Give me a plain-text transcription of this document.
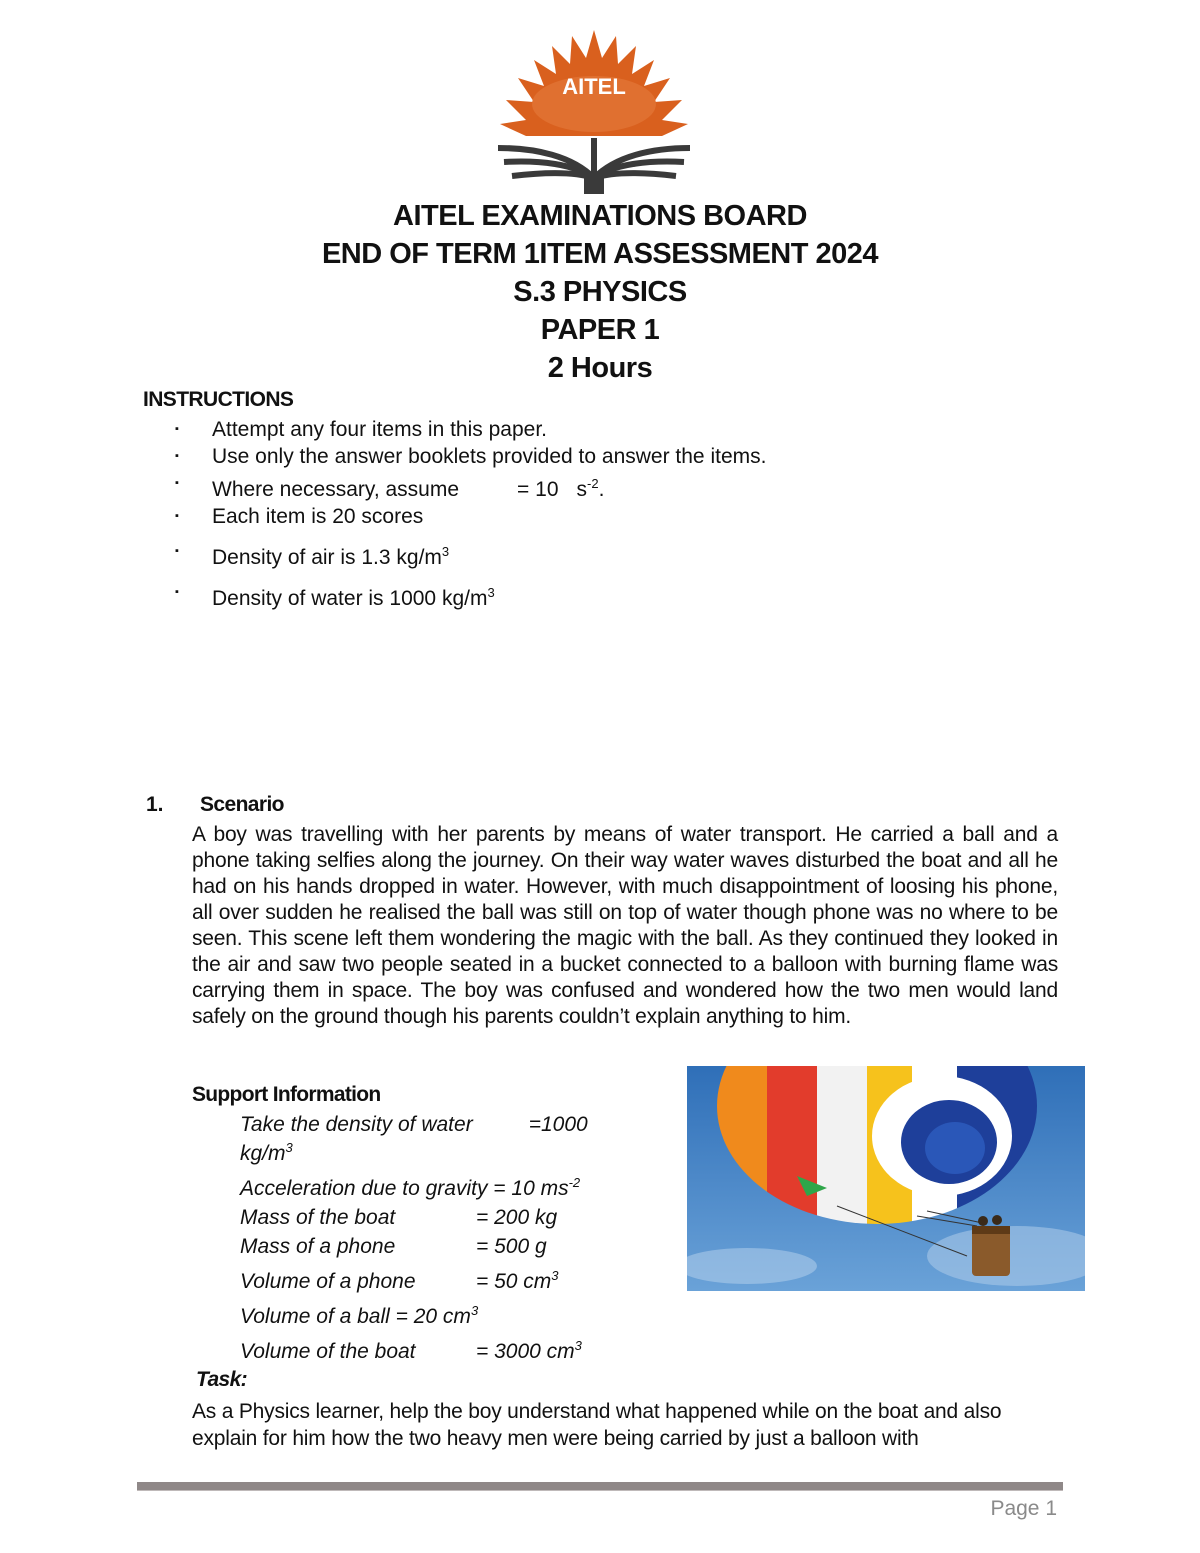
AITEL
AITEL EXAMINATIONS BOARD
END OF TERM 1ITEM ASSESSMENT 2024
S.3 PHYSICS
PAPER 1
2 Hours
INSTRUCTIONS
▪ Attempt any four items in this paper.
▪ Use only the answer booklets provided to answer the items.
▪ Where necessary, assume	= 10 $s^{-2}$.
▪ Each item is 20 scores
▪ Density of air is 1.3 $kg/m^3$
▪ Density of water is 1000 $kg/m^3$
1. Scenario

A boy was travelling with her parents by means of water transport. He carried a ball and a phone taking selfies along the journey. On their way water waves disturbed the boat and all he had on his hands dropped in water. However, with much disappointment of loosing his phone, all over sudden he realised the ball was still on top of water though phone was no where to be seen. This scene left them wondering the magic with the ball. As they continued they looked in the air and saw two people seated in a bucket connected to a balloon with burning flame was carrying them in space. The boy was confused and wondered how the two men would land safely on the ground though his parents couldn’t explain anything to him.

Support Information
Take the density of water	=1000
$kg/m^3$
Acceleration due to gravity = 10 $ms^{-2}$
Mass of the boat	= 200 kg
Mass of a phone	= 500 g
Volume of a phone	= 50 $cm^3$
Volume of a ball = 20 $cm^3$
Volume of the boat	= 3000 $cm^3$
Task:

As a Physics learner, help the boy understand what happened while on the boat and also explain for him how the two heavy men were being carried by just a balloon with

Page 1
